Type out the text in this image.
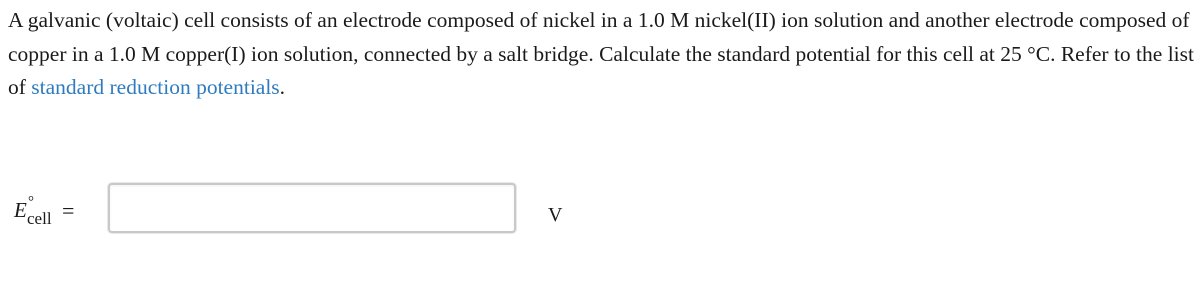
A galvanic (voltaic) cell consists of an electrode composed of nickel in a 1.0 M nickel(II) ion solution and another electrode composed of copper in a 1.0 M copper(I) ion solution, connected by a salt bridge. Calculate the standard potential for this cell at 25 °C. Refer to the list of standard reduction potentials.

E °
cell =	V
